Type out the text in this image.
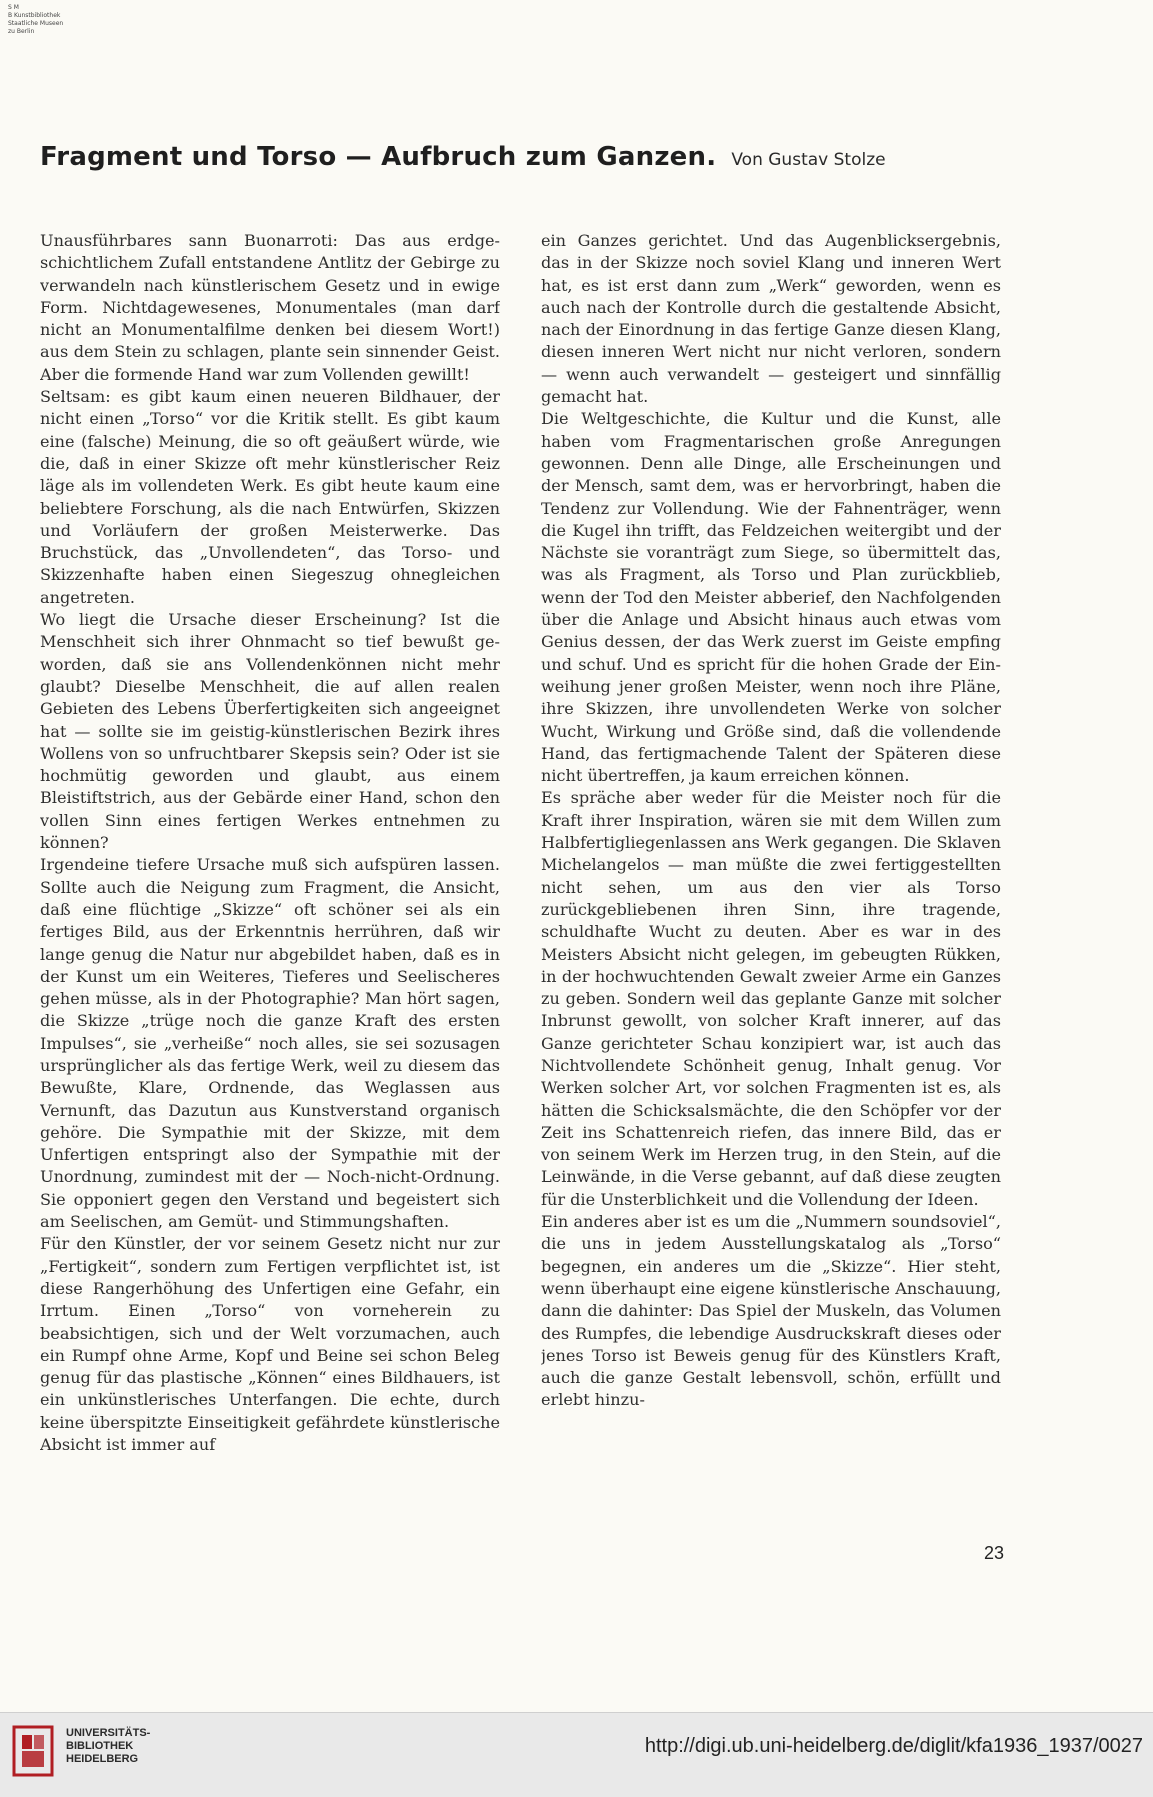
S M
B Kunstbibliothek
Staatliche Museen
zu Berlin
Fragment und Torso — Aufbruch zum Ganzen. Von Gustav Stolze

Unausführbares sann Buonarroti: Das aus erdgeschichtlichem Zufall entstandene Antlitz der Gebirge zu verwandeln nach künstlerischem Gesetz und in ewige Form. Nichtdagewesenes, Monumentales (man darf nicht an Monumentalfilme denken bei diesem Wort!) aus dem Stein zu schlagen, plante sein sinnender Geist. Aber die formende Hand war zum Vollenden gewillt!

Seltsam: es gibt kaum einen neueren Bildhauer, der nicht einen „Torso“ vor die Kritik stellt. Es gibt kaum eine (falsche) Meinung, die so oft geäußert würde, wie die, daß in einer Skizze oft mehr künstlerischer Reiz läge als im vollendeten Werk. Es gibt heute kaum eine beliebtere Forschung, als die nach Entwürfen, Skizzen und Vorläufern der großen Meisterwerke. Das Bruchstück, das „Unvollendeten“, das Torso- und Skizzenhafte haben einen Siegeszug ohnegleichen angetreten.

Wo liegt die Ursache dieser Erscheinung? Ist die Menschheit sich ihrer Ohnmacht so tief bewußt geworden, daß sie ans Vollendenkönnen nicht mehr glaubt? Dieselbe Menschheit, die auf allen realen Gebieten des Lebens Überfertigkeiten sich angeeignet hat — sollte sie im geistig-künstlerischen Bezirk ihres Wollens von so unfruchtbarer Skepsis sein? Oder ist sie hochmütig geworden und glaubt, aus einem Bleistiftstrich, aus der Gebärde einer Hand, schon den vollen Sinn eines fertigen Werkes entnehmen zu können?

Irgendeine tiefere Ursache muß sich aufspüren lassen. Sollte auch die Neigung zum Fragment, die Ansicht, daß eine flüchtige „Skizze“ oft schöner sei als ein fertiges Bild, aus der Erkenntnis herrühren, daß wir lange genug die Natur nur abgebildet haben, daß es in der Kunst um ein Weiteres, Tieferes und Seelischeres gehen müsse, als in der Photographie? Man hört sagen, die Skizze „trüge noch die ganze Kraft des ersten Impulses“, sie „verheiße“ noch alles, sie sei sozusagen ursprünglicher als das fertige Werk, weil zu diesem das Bewußte, Klare, Ordnende, das Weglassen aus Vernunft, das Dazutun aus Kunstverstand organisch gehöre. Die Sympathie mit der Skizze, mit dem Unfertigen entspringt also der Sympathie mit der Unordnung, zumindest mit der — Noch-nicht-Ordnung. Sie opponiert gegen den Verstand und begeistert sich am Seelischen, am Gemüt- und Stimmungshaften.

Für den Künstler, der vor seinem Gesetz nicht nur zur „Fertigkeit“, sondern zum Fertigen verpflichtet ist, ist diese Rangerhöhung des Unfertigen eine Gefahr, ein Irrtum. Einen „Torso“ von vorneherein zu beabsichtigen, sich und der Welt vorzumachen, auch ein Rumpf ohne Arme, Kopf und Beine sei schon Beleg genug für das plastische „Können“ eines Bildhauers, ist ein unkünstlerisches Unterfangen. Die echte, durch keine überspitzte Einseitigkeit gefährdete künstlerische Absicht ist immer auf

ein Ganzes gerichtet. Und das Augenblicksergebnis, das in der Skizze noch soviel Klang und inneren Wert hat, es ist erst dann zum „Werk“ geworden, wenn es auch nach der Kontrolle durch die gestaltende Absicht, nach der Einordnung in das fertige Ganze diesen Klang, diesen inneren Wert nicht nur nicht verloren, sondern — wenn auch verwandelt — gesteigert und sinnfällig gemacht hat.

Die Weltgeschichte, die Kultur und die Kunst, alle haben vom Fragmentarischen große Anregungen gewonnen. Denn alle Dinge, alle Erscheinungen und der Mensch, samt dem, was er hervorbringt, haben die Tendenz zur Vollendung. Wie der Fahnenträger, wenn die Kugel ihn trifft, das Feldzeichen weitergibt und der Nächste sie voranträgt zum Siege, so übermittelt das, was als Fragment, als Torso und Plan zurückblieb, wenn der Tod den Meister abberief, den Nachfolgenden über die Anlage und Absicht hinaus auch etwas vom Genius dessen, der das Werk zuerst im Geiste empfing und schuf. Und es spricht für die hohen Grade der Einweihung jener großen Meister, wenn noch ihre Pläne, ihre Skizzen, ihre unvollendeten Werke von solcher Wucht, Wirkung und Größe sind, daß die vollendende Hand, das fertigmachende Talent der Späteren diese nicht übertreffen, ja kaum erreichen können.

Es spräche aber weder für die Meister noch für die Kraft ihrer Inspiration, wären sie mit dem Willen zum Halbfertigliegenlassen ans Werk gegangen. Die Sklaven Michelangelos — man müßte die zwei fertiggestellten nicht sehen, um aus den vier als Torso zurückgebliebenen ihren Sinn, ihre tragende, schuldhafte Wucht zu deuten. Aber es war in des Meisters Absicht nicht gelegen, im gebeugten Rükken, in der hochwuchtenden Gewalt zweier Arme ein Ganzes zu geben. Sondern weil das geplante Ganze mit solcher Inbrunst gewollt, von solcher Kraft innerer, auf das Ganze gerichteter Schau konzipiert war, ist auch das Nichtvollendete Schönheit genug, Inhalt genug. Vor Werken solcher Art, vor solchen Fragmenten ist es, als hätten die Schicksalsmächte, die den Schöpfer vor der Zeit ins Schattenreich riefen, das innere Bild, das er von seinem Werk im Herzen trug, in den Stein, auf die Leinwände, in die Verse gebannt, auf daß diese zeugten für die Unsterblichkeit und die Vollendung der Ideen.

Ein anderes aber ist es um die „Nummern soundsoviel“, die uns in jedem Ausstellungskatalog als „Torso“ begegnen, ein anderes um die „Skizze“. Hier steht, wenn überhaupt eine eigene künstlerische Anschauung, dann die dahinter: Das Spiel der Muskeln, das Volumen des Rumpfes, die lebendige Ausdruckskraft dieses oder jenes Torso ist Beweis genug für des Künstlers Kraft, auch die ganze Gestalt lebensvoll, schön, erfüllt und erlebt hinzu-

23
UNIVERSITÄTS-
BIBLIOTHEK
HEIDELBERG
http://digi.ub.uni-heidelberg.de/diglit/kfa1936_1937/0027
